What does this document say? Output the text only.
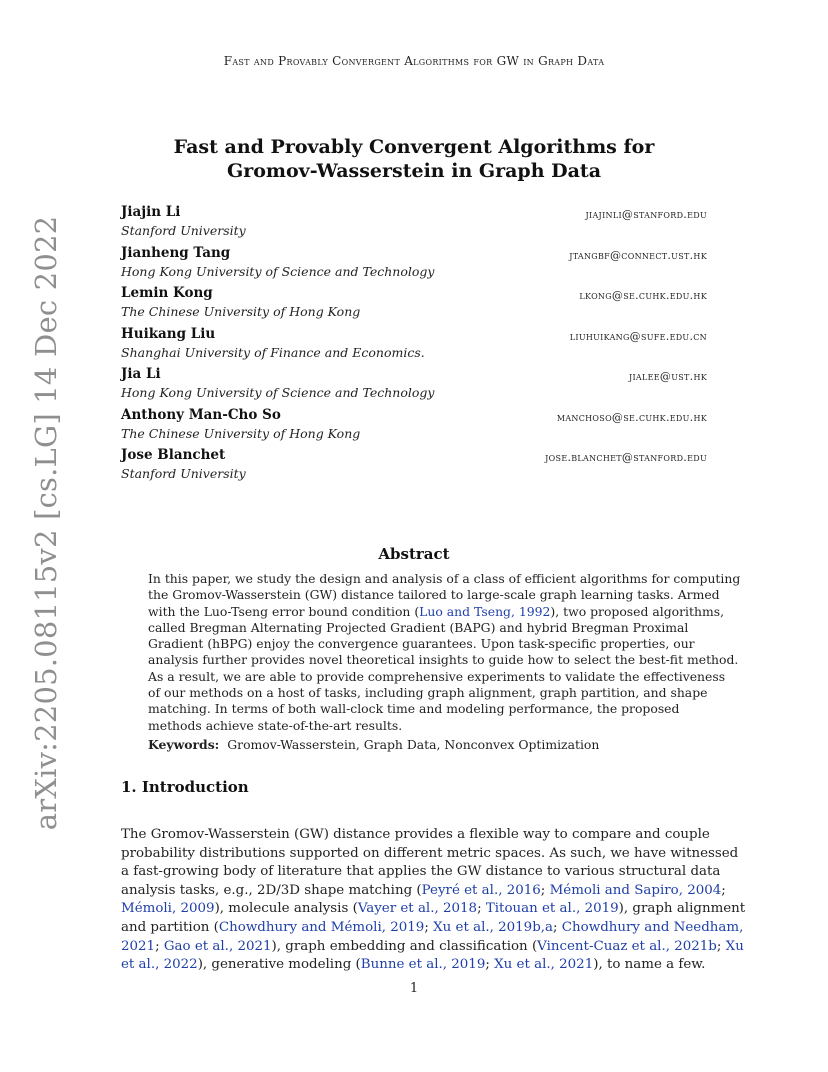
Fast and Provably Convergent Algorithms for GW in Graph Data
arXiv:2205.08115v2 [cs.LG] 14 Dec 2022
Fast and Provably Convergent Algorithms for
Gromov-Wasserstein in Graph Data
Jiajin Li	jiajinli@stanford.edu
Stanford University
Jianheng Tang	jtangbf@connect.ust.hk
Hong Kong University of Science and Technology
Lemin Kong	lkong@se.cuhk.edu.hk
The Chinese University of Hong Kong
Huikang Liu	liuhuikang@sufe.edu.cn
Shanghai University of Finance and Economics.
Jia Li	jialee@ust.hk
Hong Kong University of Science and Technology
Anthony Man-Cho So	manchoso@se.cuhk.edu.hk
The Chinese University of Hong Kong
Jose Blanchet	jose.blanchet@stanford.edu
Stanford University
Abstract
In this paper, we study the design and analysis of a class of efficient algorithms for computing
the Gromov-Wasserstein (GW) distance tailored to large-scale graph learning tasks. Armed
with the Luo-Tseng error bound condition (Luo and Tseng, 1992), two proposed algorithms,
called Bregman Alternating Projected Gradient (BAPG) and hybrid Bregman Proximal
Gradient (hBPG) enjoy the convergence guarantees. Upon task-specific properties, our
analysis further provides novel theoretical insights to guide how to select the best-fit method.
As a result, we are able to provide comprehensive experiments to validate the effectiveness
of our methods on a host of tasks, including graph alignment, graph partition, and shape
matching. In terms of both wall-clock time and modeling performance, the proposed
methods achieve state-of-the-art results.
Keywords: Gromov-Wasserstein, Graph Data, Nonconvex Optimization
1. Introduction
The Gromov-Wasserstein (GW) distance provides a flexible way to compare and couple
probability distributions supported on different metric spaces. As such, we have witnessed
a fast-growing body of literature that applies the GW distance to various structural data
analysis tasks, e.g., 2D/3D shape matching (Peyré et al., 2016; Mémoli and Sapiro, 2004;
Mémoli, 2009), molecule analysis (Vayer et al., 2018; Titouan et al., 2019), graph alignment
and partition (Chowdhury and Mémoli, 2019; Xu et al., 2019b,a; Chowdhury and Needham,
2021; Gao et al., 2021), graph embedding and classification (Vincent-Cuaz et al., 2021b; Xu
et al., 2022), generative modeling (Bunne et al., 2019; Xu et al., 2021), to name a few.
1
